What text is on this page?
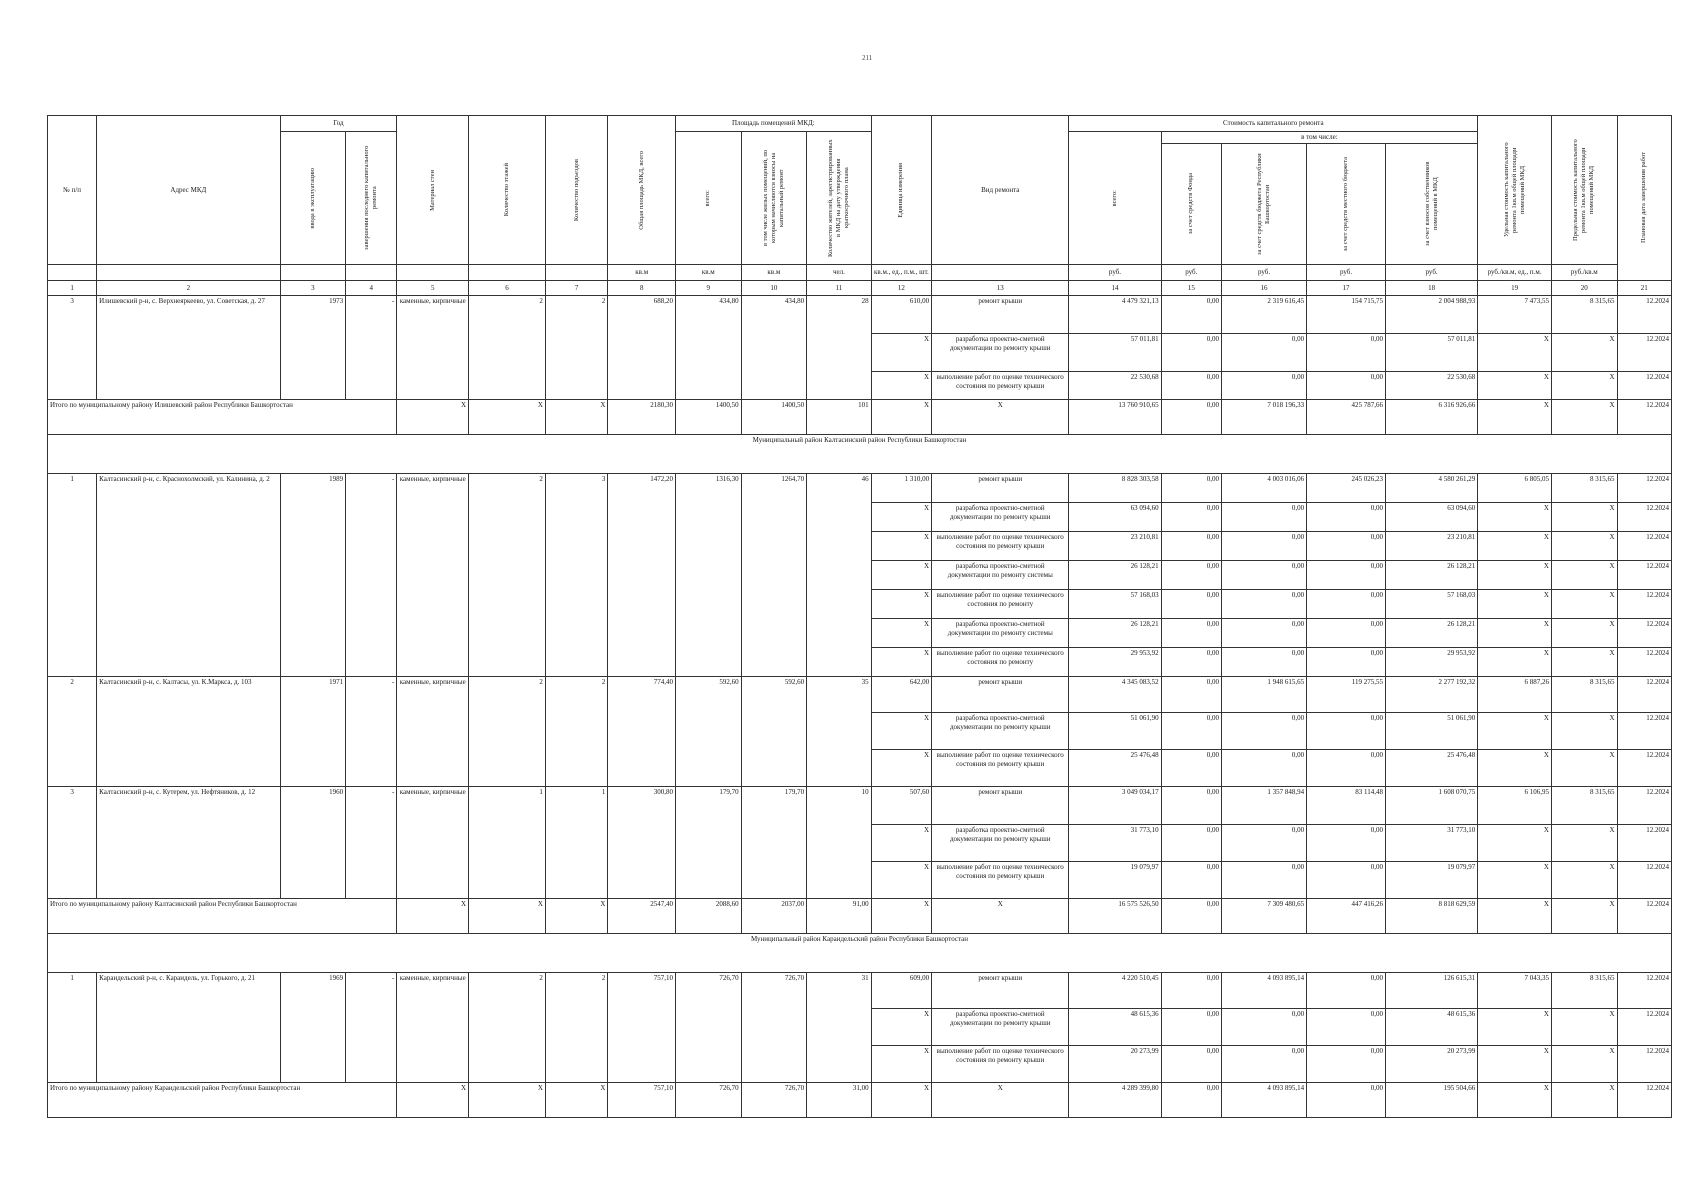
211
№ п/п	Адрес МКД	Год		Материал стен	Количество этажей	Количество подъездов	Общая площадь МКД, всего	Площадь помещений МКД:			Единица измерения	Вид ремонта	Стоимость капитального ремонта					Удельная стоимость капитального ремонта 1кв.м общей площади помещений МКД	Предельная стоимость капитального ремонта 1кв.м общей площади помещений МКД	Плановая дата завершения работ

		ввода в эксплуатацию	завершения последнего капитального ремонта					всего:	в том числе жилых помещений, по которым начисляются взносы на капитальный ремонт	Количество жителей, зарегистрированных в МКД на дату утверждения краткосрочного плана			всего:	в том числе:						

														за счет средств Фонда	за счет средств бюджета Республики Башкортостан	за счет средств местного бюджета	за счет взносов собственников помещений в МКД			

							кв.м	кв.м	кв.м	чел.	кв.м., ед., п.м., шт.		руб.	руб.	руб.	руб.	руб.	руб./кв.м, ед., п.м.	руб./кв.м	
1	2	3	4	5	6	7	8	9	10	11	12	13	14	15	16	17	18	19	20	21
3	Илишевский р-н, с. Верхнеяркеево, ул. Советская, д. 27	1973	-	каменные, кирпичные	2	2	688,20	434,80	434,80	28	610,00	ремонт крыши	4 479 321,13	0,00	2 319 616,45	154 715,75	2 004 988,93	7 473,55	8 315,65	12.2024
											X	разработка проектно-сметной документации по ремонту крыши	57 011,81	0,00	0,00	0,00	57 011,81	X	X	12.2024
											X	выполнение работ по оценке технического состояния по ремонту крыши	22 530,68	0,00	0,00	0,00	22 530,68	X	X	12.2024
Итого по муниципальному району Илишевский район Республики Башкортостан				X	X	X	2180,30	1400,50	1400,50	101	X	X	13 760 910,65	0,00	7 018 196,33	425 787,66	6 316 926,66	X	X	12.2024
Муниципальный район Калтасинский район Республики Башкортостан																				
1	Калтасинский р-н, с. Краснохолмский, ул. Калинина, д. 2	1989	-	каменные, кирпичные	2	3	1472,20	1316,30	1264,70	46	1 310,00	ремонт крыши	8 828 303,58	0,00	4 003 016,06	245 026,23	4 580 261,29	6 805,05	8 315,65	12.2024
											X	разработка проектно-сметной документации по ремонту крыши	63 094,60	0,00	0,00	0,00	63 094,60	X	X	12.2024
											X	выполнение работ по оценке технического состояния по ремонту крыши	23 210,81	0,00	0,00	0,00	23 210,81	X	X	12.2024
											X	разработка проектно-сметной документации по ремонту системы	26 128,21	0,00	0,00	0,00	26 128,21	X	X	12.2024
											X	выполнение работ по оценке технического состояния по ремонту	57 168,03	0,00	0,00	0,00	57 168,03	X	X	12.2024
											X	разработка проектно-сметной документации по ремонту системы	26 128,21	0,00	0,00	0,00	26 128,21	X	X	12.2024
											X	выполнение работ по оценке технического состояния по ремонту	29 953,92	0,00	0,00	0,00	29 953,92	X	X	12.2024
2	Калтасинский р-н, с. Калтасы, ул. К.Маркса, д. 103	1971	-	каменные, кирпичные	2	2	774,40	592,60	592,60	35	642,00	ремонт крыши	4 345 083,52	0,00	1 948 615,65	119 275,55	2 277 192,32	6 887,26	8 315,65	12.2024
											X	разработка проектно-сметной документации по ремонту крыши	51 061,90	0,00	0,00	0,00	51 061,90	X	X	12.2024
											X	выполнение работ по оценке технического состояния по ремонту крыши	25 476,48	0,00	0,00	0,00	25 476,48	X	X	12.2024
3	Калтасинский р-н, с. Кутерем, ул. Нефтяников, д. 12	1960	-	каменные, кирпичные	1	1	300,80	179,70	179,70	10	507,60	ремонт крыши	3 049 034,17	0,00	1 357 848,94	83 114,48	1 608 070,75	6 106,95	8 315,65	12.2024
											X	разработка проектно-сметной документации по ремонту крыши	31 773,10	0,00	0,00	0,00	31 773,10	X	X	12.2024
											X	выполнение работ по оценке технического состояния по ремонту крыши	19 079,97	0,00	0,00	0,00	19 079,97	X	X	12.2024
Итого по муниципальному району Калтасинский район Республики Башкортостан				X	X	X	2547,40	2088,60	2037,00	91,00	X	X	16 575 526,50	0,00	7 309 480,65	447 416,26	8 818 629,59	X	X	12.2024
Муниципальный район Караидельский район Республики Башкортостан																				
1	Караидельский р-н, с. Караидель, ул. Горького, д. 21	1969	-	каменные, кирпичные	2	2	757,10	726,70	726,70	31	609,00	ремонт крыши	4 220 510,45	0,00	4 093 895,14	0,00	126 615,31	7 043,35	8 315,65	12.2024
											X	разработка проектно-сметной документации по ремонту крыши	48 615,36	0,00	0,00	0,00	48 615,36	X	X	12.2024
											X	выполнение работ по оценке технического состояния по ремонту крыши	20 273,99	0,00	0,00	0,00	20 273,99	X	X	12.2024
Итого по муниципальному району Караидельский район Республики Башкортостан				X	X	X	757,10	726,70	726,70	31,00	X	X	4 289 399,80	0,00	4 093 895,14	0,00	195 504,66	X	X	12.2024
